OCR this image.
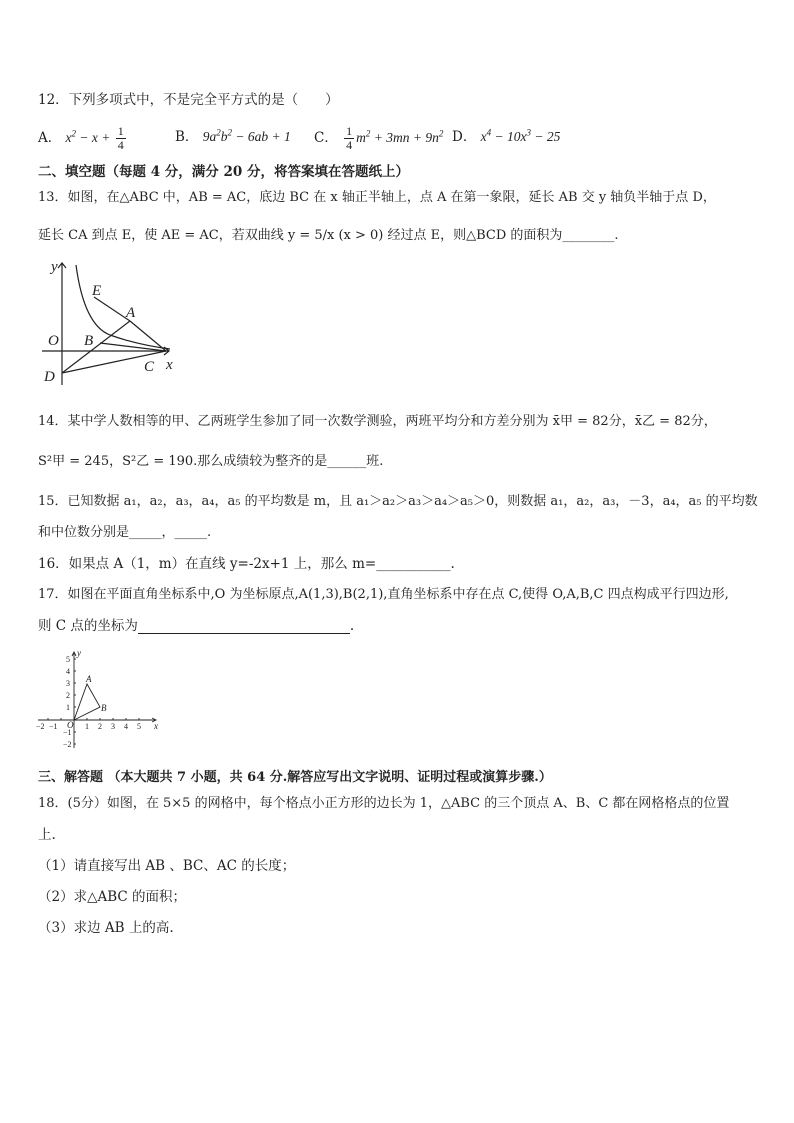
12．下列多项式中，不是完全平方式的是（　　）
A． $x^2 - x + \frac{1}{4}$	B． $9a^2b^2 - 6ab + 1$ C． $\frac{1}{4} m^2 + 3mn + 9n^2$ D． $x^4 - 10x^3 - 25$
二、填空题（每题 4 分，满分 20 分，将答案填在答题纸上）
13．如图，在△ABC 中，AB = AC，底边 BC 在 x 轴正半轴上，点 A 在第一象限，延长 AB 交 y 轴负半轴于点 D，
延长 CA 到点 E，使 AE = AC，若双曲线 y = 5/x (x > 0) 经过点 E，则△BCD 的面积为________.
y
x
E
A
O B
C
D
14．某中学人数相等的甲、乙两班学生参加了同一次数学测验，两班平均分和方差分别为 x̄甲 = 82分，x̄乙 = 82分，
S²甲 = 245，S²乙 = 190.那么成绩较为整齐的是______班.
15．已知数据 a₁，a₂，a₃，a₄，a₅ 的平均数是 m，且 a₁＞a₂＞a₃＞a₄＞a₅＞0，则数据 a₁，a₂，a₃，－3，a₄，a₅ 的平均数
和中位数分别是_____，_____.
16．如果点 A（1，m）在直线 y=-2x+1 上，那么 m=___________.
17．如图在平面直角坐标系中,O 为坐标原点,A(1,3),B(2,1),直角坐标系中存在点 C,使得 O,A,B,C 四点构成平行四边形,
则 C 点的坐标为	.
−2 −1	1 2 3 4 5
5
4
3
2
1
−1
−2
y
x
O
A
B
三、解答题 （本大题共 7 小题，共 64 分.解答应写出文字说明、证明过程或演算步骤.）
18．(5分）如图，在 5×5 的网格中，每个格点小正方形的边长为 1，△ABC 的三个顶点 A、B、C 都在网格格点的位置
上.
（1）请直接写出 AB 、BC、AC 的长度；
（2）求△ABC 的面积；
（3）求边 AB 上的高.
